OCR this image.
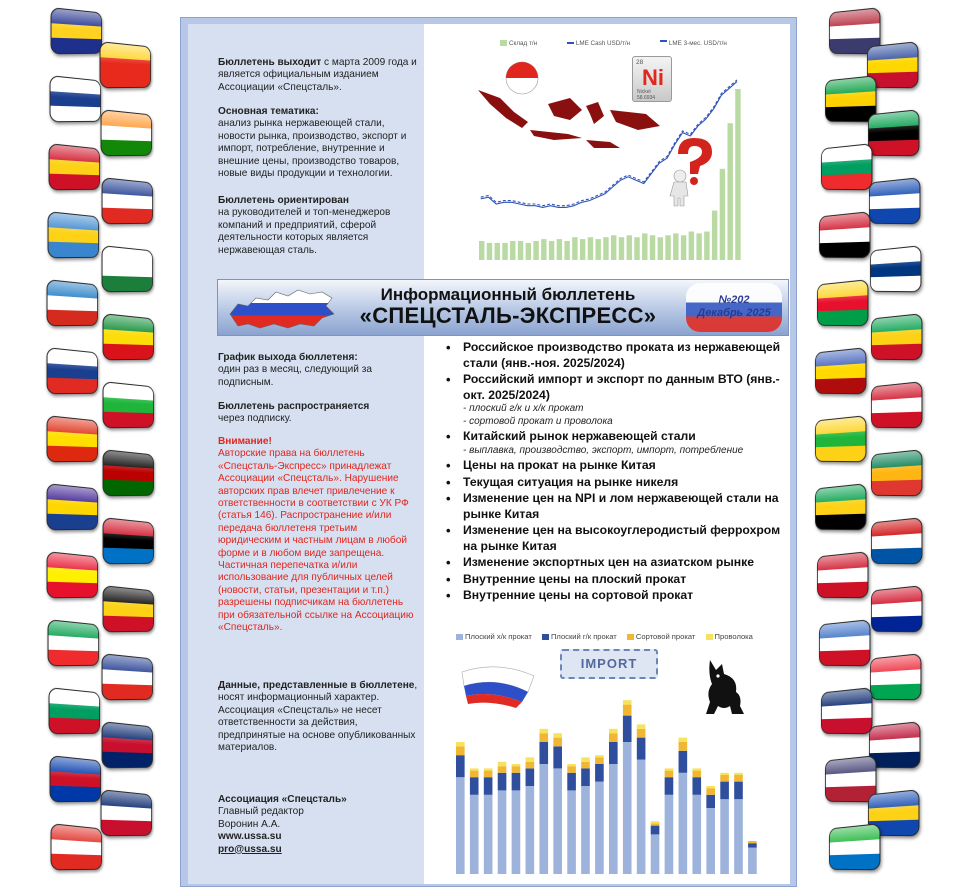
Бюллетень выходит с марта 2009 года и является официальным изданием Ассоциации «Спецсталь».
Основная тематика:
анализ рынка нержавеющей стали, новости рынка, производство, экспорт и импорт, потребление, внутренние и внешние цены, производство товаров, новые виды продукции и технологии.
Бюллетень ориентирован
на руководителей и топ-менеджеров компаний и предприятий, сферой деятельности которых является нержавеющая сталь.
График выхода бюллетеня:
один раз в месяц, следующий за подписным.
Бюллетень распространяется
через подписку.
Внимание!
Авторские права на бюллетень «Спецсталь-Экспресс» принадлежат Ассоциации «Спецсталь». Нарушение авторских прав влечет привлечение к ответственности в соответствии с УК РФ (статья 146). Распространение и/или передача бюллетеня третьим юридическим и частным лицам в любой форме и в любом виде запрещена. Частичная перепечатка и/или использование для публичных целей (новости, статьи, презентации и т.п.) разрешены подписчикам на бюллетень при обязательной ссылке на Ассоциацию «Спецсталь».
Данные, представленные в бюллетене,
носят информационный характер. Ассоциация «Спецсталь» не несет ответственности за действия, предпринятые на основе опубликованных материалов.
Ассоциация «Спецсталь»
Главный редактор
Воронин А.А.
www.ussa.su
pro@ussa.su
Склад т/н	LME Cash USD/т/н	LME 3-мес. USD/т/н
28
Ni
Nickel
58.6934
Информационный бюллетень
«СПЕЦСТАЛЬ-ЭКСПРЕСС»
№202
Декабрь 2025
• Российское производство проката из нержавеющей стали (янв.-ноя. 2025/2024)
• Российский импорт и экспорт по данным ВТО (янв.-окт. 2025/2024)
- плоский г/к и х/к прокат
- сортовой прокат и проволока
• Китайский рынок нержавеющей стали
- выплавка, производство, экспорт, импорт, потребление
• Цены на прокат на рынке Китая
• Текущая ситуация на рынке никеля
• Изменение цен на NPI и лом нержавеющей стали на рынке Китая
• Изменение цен на высокоуглеродистый феррохром на рынке Китая
• Изменение экспортных цен на азиатском рынке
• Внутренние цены на плоский прокат
• Внутренние цены на сортовой прокат
Плоский х/к прокат	Плоский г/к прокат	Сортовой прокат	Проволока
IMPORT
